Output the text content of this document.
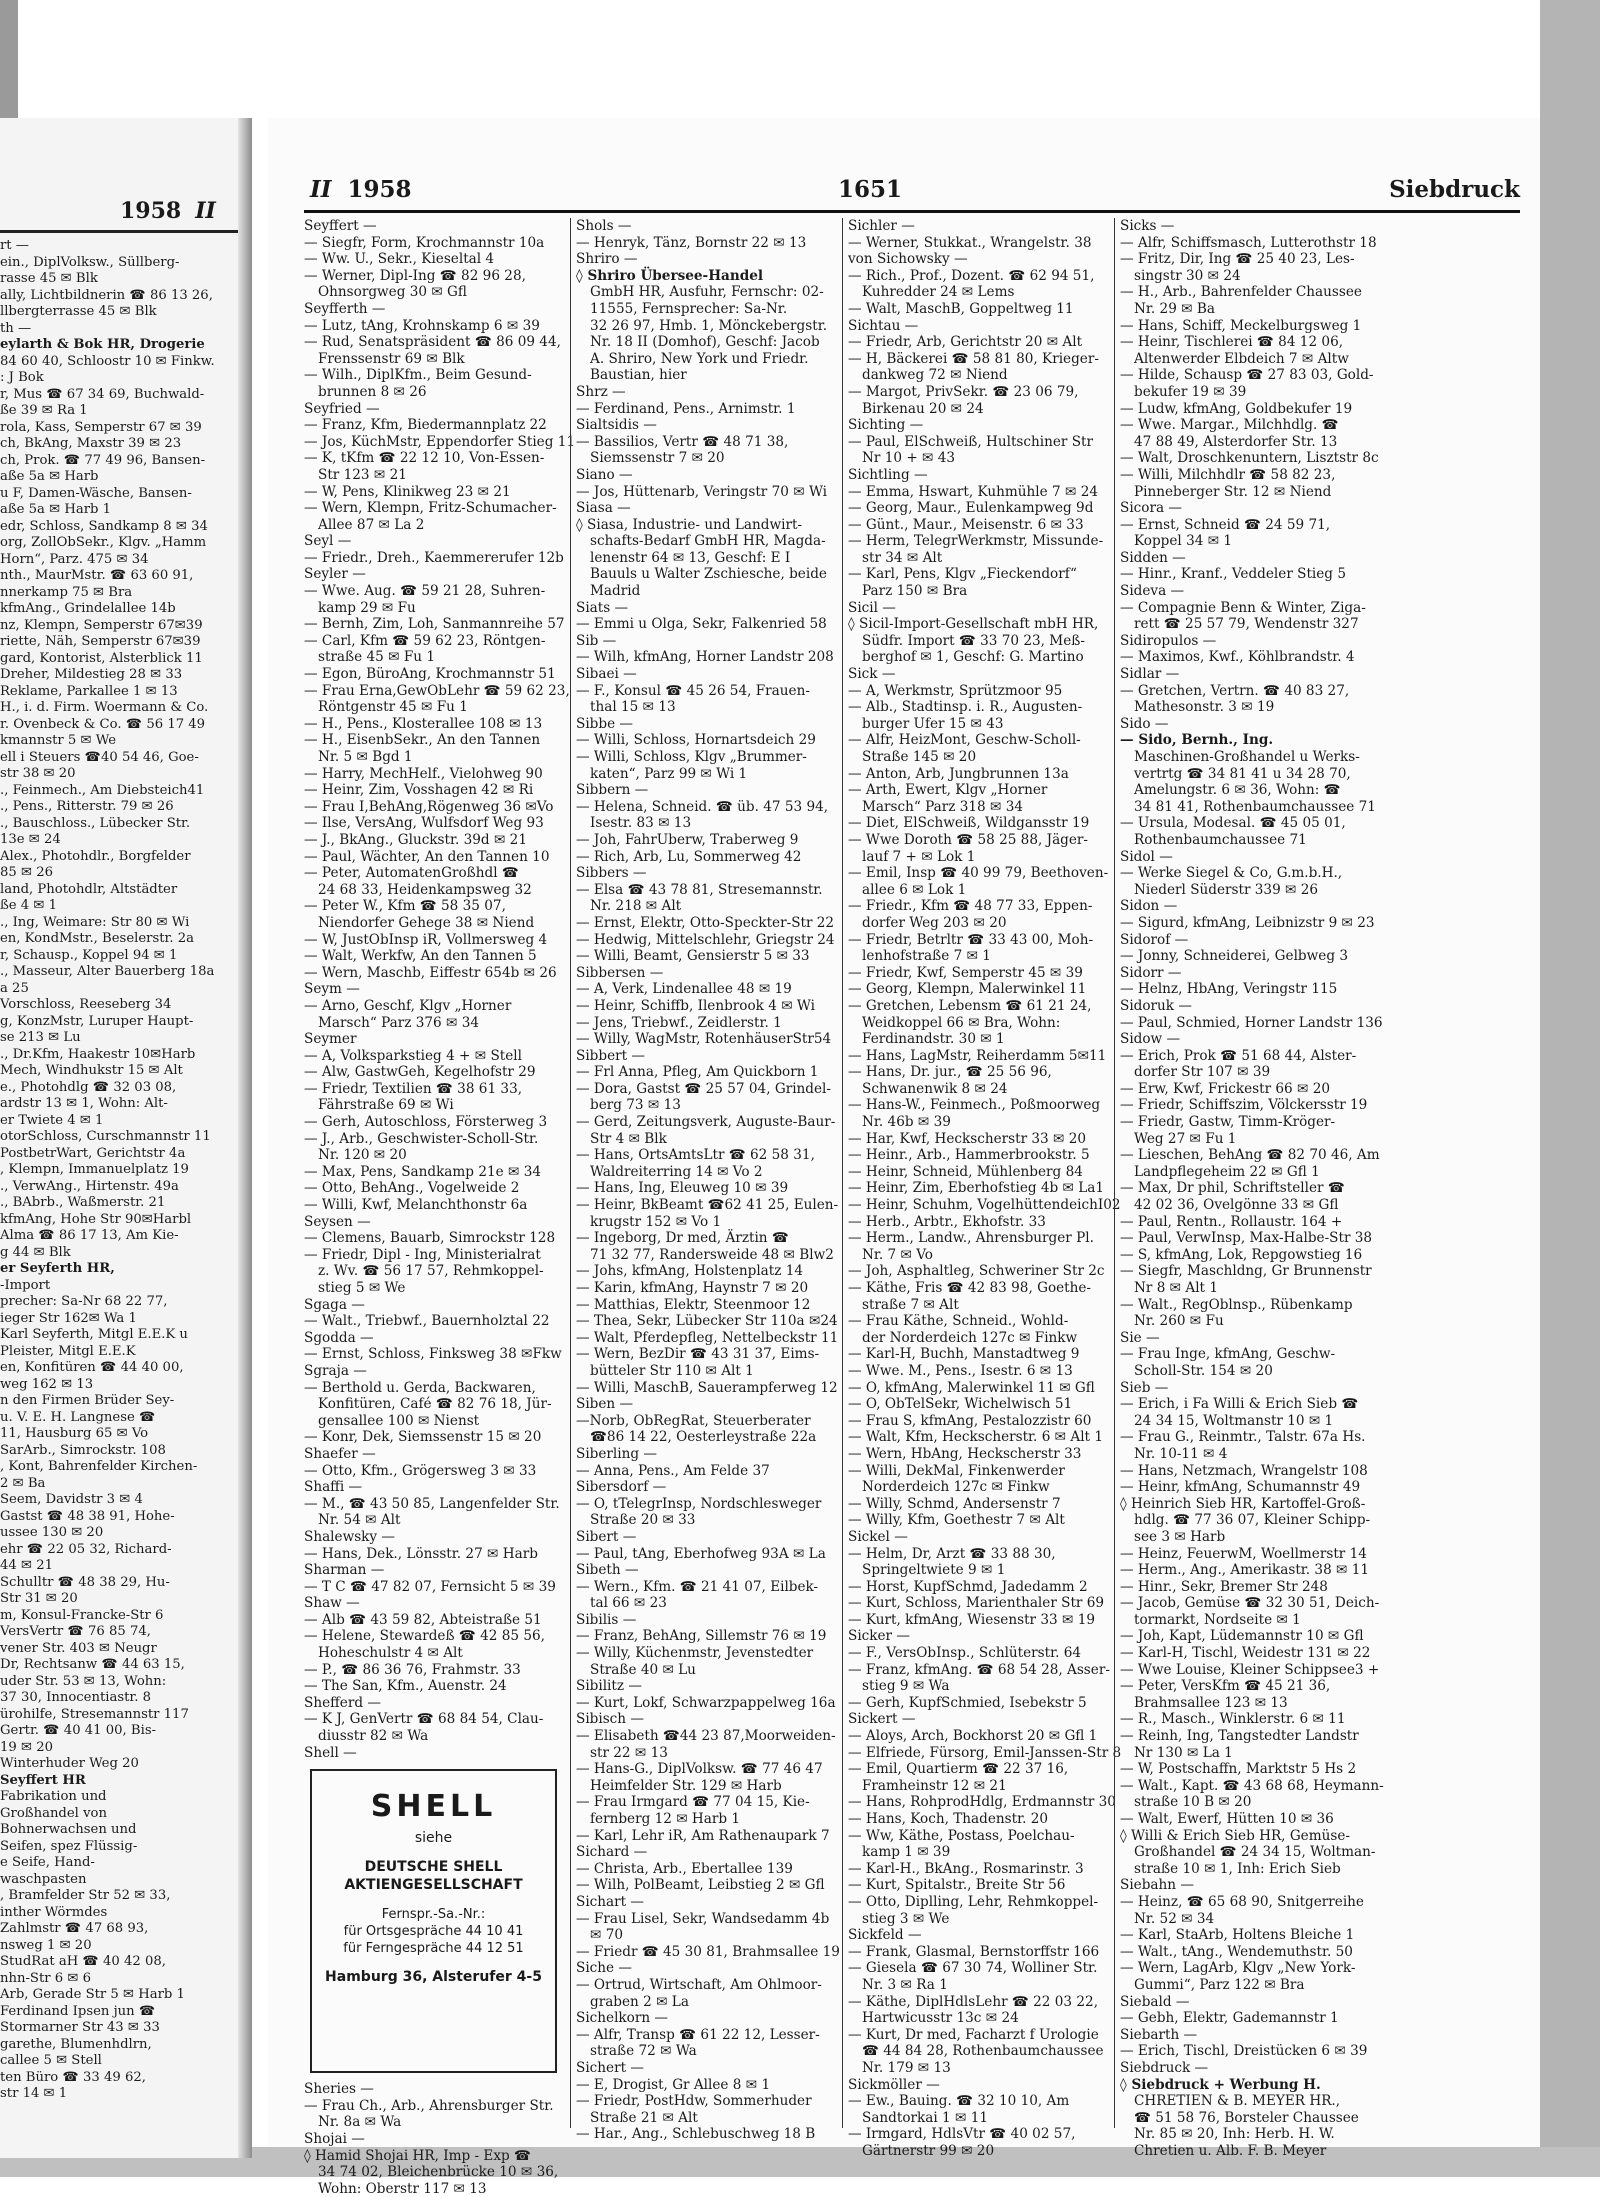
1958 II
rt —
ein., DiplVolksw., Süllberg-
rasse 45 ✉ Blk
ally, Lichtbildnerin ☎ 86 13 26,
llbergterrasse 45 ✉ Blk
th —
eylarth & Bok HR, Drogerie
84 60 40, Schloostr 10 ✉ Finkw.
: J Bok
r, Mus ☎ 67 34 69, Buchwald-
ße 39 ✉ Ra 1
rola, Kass, Semperstr 67 ✉ 39
ch, BkAng, Maxstr 39 ✉ 23
ch, Prok. ☎ 77 49 96, Bansen-
aße 5a ✉ Harb
u F, Damen-Wäsche, Bansen-
aße 5a ✉ Harb 1
edr, Schloss, Sandkamp 8 ✉ 34
org, ZollObSekr., Klgv. „Hamm
Horn“, Parz. 475 ✉ 34
nth., MaurMstr. ☎ 63 60 91,
nnerkamp 75 ✉ Bra
kfmAng., Grindelallee 14b
nz, Klempn, Semperstr 67✉39
riette, Näh, Semperstr 67✉39
gard, Kontorist, Alsterblick 11
Dreher, Mildestieg 28 ✉ 33
Reklame, Parkallee 1 ✉ 13
H., i. d. Firm. Woermann & Co.
r. Ovenbeck & Co. ☎ 56 17 49
kmannstr 5 ✉ We
ell i Steuers ☎40 54 46, Goe-
str 38 ✉ 20
., Feinmech., Am Diebsteich41
., Pens., Ritterstr. 79 ✉ 26
., Bauschloss., Lübecker Str.
13e ✉ 24
Alex., Photohdlr., Borgfelder
85 ✉ 26
land, Photohdlr, Altstädter
ße 4 ✉ 1
., Ing, Weimare: Str 80 ✉ Wi
en, KondMstr., Beselerstr. 2a
r, Schausp., Koppel 94 ✉ 1
., Masseur, Alter Bauerberg 18a
a 25
Vorschloss, Reeseberg 34
g, KonzMstr, Luruper Haupt-
se 213 ✉ Lu
., Dr.Kfm, Haakestr 10✉Harb
Mech, Windhukstr 15 ✉ Alt
e., Photohdlg ☎ 32 03 08,
ardstr 13 ✉ 1, Wohn: Alt-
er Twiete 4 ✉ 1
otorSchloss, Curschmannstr 11
PostbetrWart, Gerichtstr 4a
, Klempn, Immanuelplatz 19
., VerwAng., Hirtenstr. 49a
., BAbrb., Waßmerstr. 21
kfmAng, Hohe Str 90✉Harbl
Alma ☎ 86 17 13, Am Kie-
g 44 ✉ Blk
er Seyferth HR,
-Import
precher: Sa-Nr 68 22 77,
ieger Str 162✉ Wa 1
Karl Seyferth, Mitgl E.E.K u
Pleister, Mitgl E.E.K
en, Konfitüren ☎ 44 40 00,
weg 162 ✉ 13
n den Firmen Brüder Sey-
u. V. E. H. Langnese ☎
11, Hausburg 65 ✉ Vo
SarArb., Simrockstr. 108
, Kont, Bahrenfelder Kirchen-
2 ✉ Ba
Seem, Davidstr 3 ✉ 4
Gastst ☎ 48 38 91, Hohe-
ussee 130 ✉ 20
ehr ☎ 22 05 32, Richard-
44 ✉ 21
Schulltr ☎ 48 38 29, Hu-
Str 31 ✉ 20
m, Konsul-Francke-Str 6
VersVertr ☎ 76 85 74,
vener Str. 403 ✉ Neugr
Dr, Rechtsanw ☎ 44 63 15,
uder Str. 53 ✉ 13, Wohn:
37 30, Innocentiastr. 8
ürohilfe, Stresemannstr 117
Gertr. ☎ 40 41 00, Bis-
19 ✉ 20
Winterhuder Weg 20
Seyffert HR
Fabrikation und
Großhandel von
Bohnerwachsen und
Seifen, spez Flüssig-
e Seife, Hand-
waschpasten
, Bramfelder Str 52 ✉ 33,
inther Wörmdes
Zahlmstr ☎ 47 68 93,
nsweg 1 ✉ 20
StudRat aH ☎ 40 42 08,
nhn-Str 6 ✉ 6
Arb, Gerade Str 5 ✉ Harb 1
Ferdinand Ipsen jun ☎
Stormarner Str 43 ✉ 33
garethe, Blumenhdlrn,
callee 5 ✉ Stell
ten Büro ☎ 33 49 62,
str 14 ✉ 1
II 1958	1651	Siebdruck
Seyffert —
— Siegfr, Form, Krochmannstr 10a
— Ww. U., Sekr., Kieseltal 4
— Werner, Dipl-Ing ☎ 82 96 28,
Ohnsorgweg 30 ✉ Gfl
Seyfferth —
— Lutz, tAng, Krohnskamp 6 ✉ 39
— Rud, Senatspräsident ☎ 86 09 44,
Frenssenstr 69 ✉ Blk
— Wilh., DiplKfm., Beim Gesund-
brunnen 8 ✉ 26
Seyfried —
— Franz, Kfm, Biedermannplatz 22
— Jos, KüchMstr, Eppendorfer Stieg 11
— K, tKfm ☎ 22 12 10, Von-Essen-
Str 123 ✉ 21
— W, Pens, Klinikweg 23 ✉ 21
— Wern, Klempn, Fritz-Schumacher-
Allee 87 ✉ La 2
Seyl —
— Friedr., Dreh., Kaemmererufer 12b
Seyler —
— Wwe. Aug. ☎ 59 21 28, Suhren-
kamp 29 ✉ Fu
— Bernh, Zim, Loh, Sanmannreihe 57
— Carl, Kfm ☎ 59 62 23, Röntgen-
straße 45 ✉ Fu 1
— Egon, BüroAng, Krochmannstr 51
— Frau Erna,GewObLehr ☎ 59 62 23,
Röntgenstr 45 ✉ Fu 1
— H., Pens., Klosterallee 108 ✉ 13
— H., EisenbSekr., An den Tannen
Nr. 5 ✉ Bgd 1
— Harry, MechHelf., Vielohweg 90
— Heinr, Zim, Vosshagen 42 ✉ Ri
— Frau I,BehAng,Rögenweg 36 ✉Vo
— Ilse, VersAng, Wulfsdorf Weg 93
— J., BkAng., Gluckstr. 39d ✉ 21
— Paul, Wächter, An den Tannen 10
— Peter, AutomatenGroßhdl ☎
24 68 33, Heidenkampsweg 32
— Peter W., Kfm ☎ 58 35 07,
Niendorfer Gehege 38 ✉ Niend
— W, JustObInsp iR, Vollmersweg 4
— Walt, Werkfw, An den Tannen 5
— Wern, Maschb, Eiffestr 654b ✉ 26
Seym —
— Arno, Geschf, Klgv „Horner
Marsch“ Parz 376 ✉ 34
Seymer
— A, Volksparkstieg 4 + ✉ Stell
— Alw, GastwGeh, Kegelhofstr 29
— Friedr, Textilien ☎ 38 61 33,
Fährstraße 69 ✉ Wi
— Gerh, Autoschloss, Försterweg 3
— J., Arb., Geschwister-Scholl-Str.
Nr. 120 ✉ 20
— Max, Pens, Sandkamp 21e ✉ 34
— Otto, BehAng., Vogelweide 2
— Willi, Kwf, Melanchthonstr 6a
Seysen —
— Clemens, Bauarb, Simrockstr 128
— Friedr, Dipl - Ing, Ministerialrat
z. Wv. ☎ 56 17 57, Rehmkoppel-
stieg 5 ✉ We
Sgaga —
— Walt., Triebwf., Bauernholztal 22
Sgodda —
— Ernst, Schloss, Finksweg 38 ✉Fkw
Sgraja —
— Berthold u. Gerda, Backwaren,
Konfitüren, Café ☎ 82 76 18, Jür-
gensallee 100 ✉ Nienst
— Konr, Dek, Siemssenstr 15 ✉ 20
Shaefer —
— Otto, Kfm., Grögersweg 3 ✉ 33
Shaffi —
— M., ☎ 43 50 85, Langenfelder Str.
Nr. 54 ✉ Alt
Shalewsky —
— Hans, Dek., Lönsstr. 27 ✉ Harb
Sharman —
— T C ☎ 47 82 07, Fernsicht 5 ✉ 39
Shaw —
— Alb ☎ 43 59 82, Abteistraße 51
— Helene, Stewardeß ☎ 42 85 56,
Hoheschulstr 4 ✉ Alt
— P., ☎ 86 36 76, Frahmstr. 33
— The San, Kfm., Auenstr. 24
Shefferd —
— K J, GenVertr ☎ 68 84 54, Clau-
diusstr 82 ✉ Wa
Shell —
SHELL
siehe
DEUTSCHE SHELL
AKTIENGESELLSCHAFT
Fernspr.-Sa.-Nr.:
für Ortsgespräche 44 10 41
für Ferngespräche 44 12 51
Hamburg 36, Alsterufer 4-5
Sheries —
— Frau Ch., Arb., Ahrensburger Str.
Nr. 8a ✉ Wa
Shojai —
◊ Hamid Shojai HR, Imp - Exp ☎
34 74 02, Bleichenbrücke 10 ✉ 36,
Wohn: Oberstr 117 ✉ 13
Shols —
— Henryk, Tänz, Bornstr 22 ✉ 13
Shriro —
◊ Shriro Übersee-Handel
GmbH HR, Ausfuhr, Fernschr: 02-
11555, Fernsprecher: Sa-Nr.
32 26 97, Hmb. 1, Mönckebergstr.
Nr. 18 II (Domhof), Geschf: Jacob
A. Shriro, New York und Friedr.
Baustian, hier
Shrz —
— Ferdinand, Pens., Arnimstr. 1
Sialtsidis —
— Bassilios, Vertr ☎ 48 71 38,
Siemssenstr 7 ✉ 20
Siano —
— Jos, Hüttenarb, Veringstr 70 ✉ Wi
Siasa —
◊ Siasa, Industrie- und Landwirt-
schafts-Bedarf GmbH HR, Magda-
lenenstr 64 ✉ 13, Geschf: E I
Bauuls u Walter Zschiesche, beide
Madrid
Siats —
— Emmi u Olga, Sekr, Falkenried 58
Sib —
— Wilh, kfmAng, Horner Landstr 208
Sibaei —
— F., Konsul ☎ 45 26 54, Frauen-
thal 15 ✉ 13
Sibbe —
— Willi, Schloss, Hornartsdeich 29
— Willi, Schloss, Klgv „Brummer-
katen“, Parz 99 ✉ Wi 1
Sibbern —
— Helena, Schneid. ☎ üb. 47 53 94,
Isestr. 83 ✉ 13
— Joh, FahrUberw, Traberweg 9
— Rich, Arb, Lu, Sommerweg 42
Sibbers —
— Elsa ☎ 43 78 81, Stresemannstr.
Nr. 218 ✉ Alt
— Ernst, Elektr, Otto-Speckter-Str 22
— Hedwig, Mittelschlehr, Griegstr 24
— Willi, Beamt, Gensierstr 5 ✉ 33
Sibbersen —
— A, Verk, Lindenallee 48 ✉ 19
— Heinr, Schiffb, Ilenbrook 4 ✉ Wi
— Jens, Triebwf., Zeidlerstr. 1
— Willy, WagMstr, RotenhäuserStr54
Sibbert —
— Frl Anna, Pfleg, Am Quickborn 1
— Dora, Gastst ☎ 25 57 04, Grindel-
berg 73 ✉ 13
— Gerd, Zeitungsverk, Auguste-Baur-
Str 4 ✉ Blk
— Hans, OrtsAmtsLtr ☎ 62 58 31,
Waldreiterring 14 ✉ Vo 2
— Hans, Ing, Eleuweg 10 ✉ 39
— Heinr, BkBeamt ☎62 41 25, Eulen-
krugstr 152 ✉ Vo 1
— Ingeborg, Dr med, Ärztin ☎
71 32 77, Randersweide 48 ✉ Blw2
— Johs, kfmAng, Holstenplatz 14
— Karin, kfmAng, Haynstr 7 ✉ 20
— Matthias, Elektr, Steenmoor 12
— Thea, Sekr, Lübecker Str 110a ✉24
— Walt, Pferdepfleg, Nettelbeckstr 11
— Wern, BezDir ☎ 43 31 37, Eims-
bütteler Str 110 ✉ Alt 1
— Willi, MaschB, Saueramp⁠ferweg 12
Siben —
—Norb, ObRegRat, Steuerberater
☎86 14 22, Oesterleystraße 22a
Siberling —
— Anna, Pens., Am Felde 37
Sibersdorf —
— O, tTelegrInsp, Nordschlesweger
Straße 20 ✉ 33
Sibert —
— Paul, tAng, Eberhofweg 93A ✉ La
Sibeth —
— Wern., Kfm. ☎ 21 41 07, Eilbek-
tal 66 ✉ 23
Sibilis —
— Franz, BehAng, Sillemstr 76 ✉ 19
— Willy, Küchenmstr, Jevenstedter
Straße 40 ✉ Lu
Sibilitz —
— Kurt, Lokf, Schwarzpappelweg 16a
Sibisch —
— Elisabeth ☎44 23 87,Moorweiden-
str 22 ✉ 13
— Hans-G., DiplVolksw. ☎ 77 46 47
Heimfelder Str. 129 ✉ Harb
— Frau Irmgard ☎ 77 04 15, Kie-
fernberg 12 ✉ Harb 1
— Karl, Lehr iR, Am Rathenaupark 7
Sichard —
— Christa, Arb., Ebertallee 139
— Wilh, PolBeamt, Leibstieg 2 ✉ Gfl
Sichart —
— Frau Lisel, Sekr, Wandsedamm 4b
✉ 70
— Friedr ☎ 45 30 81, Brahmsallee 19
Siche —
— Ortrud, Wirtschaft, Am Ohlmoor-
graben 2 ✉ La
Sichelkorn —
— Alfr, Transp ☎ 61 22 12, Lesser-
straße 72 ✉ Wa
Sichert —
— E, Drogist, Gr Allee 8 ✉ 1
— Friedr, PostHdw, Sommerhuder
Straße 21 ✉ Alt
— Har., Ang., Schlebuschweg 18 B
Sichler —
— Werner, Stukkat., Wrangelstr. 38
von Sichowsky —
— Rich., Prof., Dozent. ☎ 62 94 51,
Kuhredder 24 ✉ Lems
— Walt, MaschB, Goppeltweg 11
Sichtau —
— Friedr, Arb, Gerichtstr 20 ✉ Alt
— H, Bäckerei ☎ 58 81 80, Krieger-
dankweg 72 ✉ Niend
— Margot, PrivSekr. ☎ 23 06 79,
Birkenau 20 ✉ 24
Sichting —
— Paul, ElSchweiß, Hultschiner Str
Nr 10 + ✉ 43
Sichtling —
— Emma, Hswart, Kuhmühle 7 ✉ 24
— Georg, Maur., Eulenkampweg 9d
— Günt., Maur., Meisenstr. 6 ✉ 33
— Herm, TelegrWerkmstr, Missunde-
str 34 ✉ Alt
— Karl, Pens, Klgv „Fieckendorf“
Parz 150 ✉ Bra
Sicil —
◊ Sicil-Import-Gesellschaft mbH HR,
Südfr. Import ☎ 33 70 23, Meß-
berghof ✉ 1, Geschf: G. Martino
Sick —
— A, Werkmstr, Sprützmoor 95
— Alb., Stadtinsp. i. R., Augusten-
burger Ufer 15 ✉ 43
— Alfr, HeizMont, Geschw-Scholl-
Straße 145 ✉ 20
— Anton, Arb, Jungbrunnen 13a
— Arth, Ewert, Klgv „Horner
Marsch“ Parz 318 ✉ 34
— Diet, ElSchweiß, Wildgansstr 19
— Wwe Doroth ☎ 58 25 88, Jäger-
lauf 7 + ✉ Lok 1
— Emil, Insp ☎ 40 99 79, Beethoven-
allee 6 ✉ Lok 1
— Friedr., Kfm ☎ 48 77 33, Eppen-
dorfer Weg 203 ✉ 20
— Friedr, Betrltr ☎ 33 43 00, Moh-
lenhofstraße 7 ✉ 1
— Friedr, Kwf, Semperstr 45 ✉ 39
— Georg, Klempn, Malerwinkel 11
— Gretchen, Lebensm ☎ 61 21 24,
Weidkoppel 66 ✉ Bra, Wohn:
Ferdinandstr. 30 ✉ 1
— Hans, LagMstr, Reiherdamm 5✉11
— Hans, Dr. jur., ☎ 25 56 96,
Schwanenwik 8 ✉ 24
— Hans-W., Feinmech., Poßmoorweg
Nr. 46b ✉ 39
— Har, Kwf, Heckscherstr 33 ✉ 20
— Heinr., Arb., Hammerbrookstr. 5
— Heinr, Schneid, Mühlenberg 84
— Heinr, Zim, Eberhofstieg 4b ✉ La1
— Heinr, Schuhm, VogelhüttendeichI02
— Herb., Arbtr., Ekhofstr. 33
— Herm., Landw., Ahrensburger Pl.
Nr. 7 ✉ Vo
— Joh, Asphaltleg, Schweriner Str 2c
— Käthe, Fris ☎ 42 83 98, Goethe-
straße 7 ✉ Alt
— Frau Käthe, Schneid., Wohld-
der Norderdeich 127c ✉ Finkw
— Karl-H, Buchh, Manstadtweg 9
— Wwe. M., Pens., Isestr. 6 ✉ 13
— O, kfmAng, Malerwinkel 11 ✉ Gfl
— O, ObTelSekr, Wichelwisch 51
— Frau S, kfmAng, Pestalozzistr 60
— Walt, Kfm, Heckscherstr. 6 ✉ Alt 1
— Wern, HbAng, Heckscherstr 33
— Willi, DekMal, Finkenwerder
Norderdeich 127c ✉ Finkw
— Willy, Schmd, Andersenstr 7
— Willy, Kfm, Goethestr 7 ✉ Alt
Sickel —
— Helm, Dr, Arzt ☎ 33 88 30,
Springeltwiete 9 ✉ 1
— Horst, KupfSchmd, Jadedamm 2
— Kurt, Schloss, Marienthaler Str 69
— Kurt, kfmAng, Wiesenstr 33 ✉ 19
Sicker —
— F., VersObInsp., Schlüterstr. 64
— Franz, kfmAng. ☎ 68 54 28, Asser-
stieg 9 ✉ Wa
— Gerh, KupfSchmied, Isebekstr 5
Sickert —
— Aloys, Arch, Bockhorst 20 ✉ Gfl 1
— Elfriede, Fürsorg, Emil-Janssen-Str 8
— Emil, Quartierm ☎ 22 37 16,
Framheinstr 12 ✉ 21
— Hans, RohprodHdlg, Erdmannstr 30
— Hans, Koch, Thadenstr. 20
— Ww, Käthe, Postass, Poelchau-
kamp 1 ✉ 39
— Karl-H., BkAng., Rosmarinstr. 3
— Kurt, Spitalstr., Breite Str 56
— Otto, Diplling, Lehr, Rehmkoppel-
stieg 3 ✉ We
Sickfeld —
— Frank, Glasmal, Bernstorffstr 166
— Giesela ☎ 67 30 74, Wolliner Str.
Nr. 3 ✉ Ra 1
— Käthe, DiplHdlsLehr ☎ 22 03 22,
Hartwicusstr 13c ✉ 24
— Kurt, Dr med, Facharzt f Urologie
☎ 44 84 28, Rothenbaumchaussee
Nr. 179 ✉ 13
Sickmöller —
— Ew., Bauing. ☎ 32 10 10, Am
Sandtorkai 1 ✉ 11
— Irmgard, HdlsVtr ☎ 40 02 57,
Gärtnerstr 99 ✉ 20
Sicks —
— Alfr, Schiffsmasch, Lutterothstr 18
— Fritz, Dir, Ing ☎ 25 40 23, Les-
singstr 30 ✉ 24
— H., Arb., Bahrenfelder Chaussee
Nr. 29 ✉ Ba
— Hans, Schiff, Meckelburgsweg 1
— Heinr, Tischlerei ☎ 84 12 06,
Altenwerder Elbdeich 7 ✉ Altw
— Hilde, Schausp ☎ 27 83 03, Gold-
bekufer 19 ✉ 39
— Ludw, kfmAng, Goldbekufer 19
— Wwe. Margar., Milchhdlg. ☎
47 88 49, Alsterdorfer Str. 13
— Walt, Droschkenuntern, Lisztstr 8c
— Willi, Milchhdlr ☎ 58 82 23,
Pinneberger Str. 12 ✉ Niend
Sicora —
— Ernst, Schneid ☎ 24 59 71,
Koppel 34 ✉ 1
Sidden —
— Hinr., Kranf., Veddeler Stieg 5
Sideva —
— Compagnie Benn & Winter, Ziga-
rett ☎ 25 57 79, Wendenstr 327
Sidiropulos —
— Maximos, Kwf., Köhlbrandstr. 4
Sidlar —
— Gretchen, Vertrn. ☎ 40 83 27,
Mathesonstr. 3 ✉ 19
Sido —
— Sido, Bernh., Ing.
Maschinen-Großhandel u Werks-
vertrtg ☎ 34 81 41 u 34 28 70,
Amelungstr. 6 ✉ 36, Wohn: ☎
34 81 41, Rothenbaumchaussee 71
— Ursula, Modesal. ☎ 45 05 01,
Rothenbaumchaussee 71
Sidol —
— Werke Siegel & Co, G.m.b.H.,
Niederl Süderstr 339 ✉ 26
Sidon —
— Sigurd, kfmAng, Leibnizstr 9 ✉ 23
Sidorof —
— Jonny, Schneiderei, Gelbweg 3
Sidorr —
— Helnz, HbAng, Veringstr 115
Sidoruk —
— Paul, Schmied, Horner Landstr 136
Sidow —
— Erich, Prok ☎ 51 68 44, Alster-
dorfer Str 107 ✉ 39
— Erw, Kwf, Frickestr 66 ✉ 20
— Friedr, Schiffszim, Völckersstr 19
— Friedr, Gastw, Timm-Kröger-
Weg 27 ✉ Fu 1
— Liesch​en, BehAng ☎ 82 70 46, Am
Landpflegeheim 22 ✉ Gfl 1
— Max, Dr phil, Schriftsteller ☎
42 02 36, Ovelgönne 33 ✉ Gfl
— Paul, Rentn., Rollaustr. 164 +
— Paul, VerwInsp, Max-Halbe-Str 38
— S, kfmAng, Lok, Repgowstieg 16
— Siegfr, Maschldng, Gr Brunnenstr
Nr 8 ✉ Alt 1
— Walt., RegOblnsp., Rübenkamp
Nr. 260 ✉ Fu
Sie —
— Frau Inge, kfmAng, Geschw-
Scholl-Str. 154 ✉ 20
Sieb —
— Erich, i Fa Willi & Erich Sieb ☎
24 34 15, Woltmanstr 10 ✉ 1
— Frau G., Reinmtr., Talstr. 67a Hs.
Nr. 10-11 ✉ 4
— Hans, Netzmach, Wrangelstr 108
— Heinr, kfmAng, Schumannstr 49
◊ Heinrich Sieb HR, Kartoffel-Groß-
hdlg. ☎ 77 36 07, Kleiner Schipp-
see 3 ✉ Harb
— Heinz, FeuerwM, Woellmerstr 14
— Herm., Ang., Amerikastr. 38 ✉ 11
— Hinr., Sekr, Bremer Str 248
— Jacob, Gemüse ☎ 32 30 51, Deich-
tormarkt, Nordseite ✉ 1
— Joh, Kapt, Lüdemannstr 10 ✉ Gfl
— Karl-H, Tischl, Weidestr 131 ✉ 22
— Wwe Louise, Kleiner Schippsee3 +
— Peter, VersKfm ☎ 45 21 36,
Brahmsallee 123 ✉ 13
— R., Masch., Winklerstr. 6 ✉ 11
— Reinh, Ing, Tangstedter Landstr
Nr 130 ✉ La 1
— W, Postschaffn, Marktstr 5 Hs 2
— Walt., Kapt. ☎ 43 68 68, Heymann-
straße 10 B ✉ 20
— Walt, Ewerf, Hütten 10 ✉ 36
◊ Willi & Erich Sieb HR, Gemüse-
Großhandel ☎ 24 34 15, Woltman-
straße 10 ✉ 1, Inh: Erich Sieb
Siebahn —
— Heinz, ☎ 65 68 90, Snitgerreihe
Nr. 52 ✉ 34
— Karl, StaArb, Holtens Bleiche 1
— Walt., tAng., Wendemuthstr. 50
— Wern, LagArb, Klgv „New York-
Gummi“, Parz 122 ✉ Bra
Siebald —
— Gebh, Elektr, Gademannstr 1
Siebarth —
— Erich, Tischl, Dreistücken 6 ✉ 39
Siebdruck —
◊ Siebdruck + Werbung H.
CHRETIEN & B. MEYER HR.,
☎ 51 58 76, Borsteler Chaussee
Nr. 85 ✉ 20, Inh: Herb. H. W.
Chretien u. Alb. F. B. Meyer
